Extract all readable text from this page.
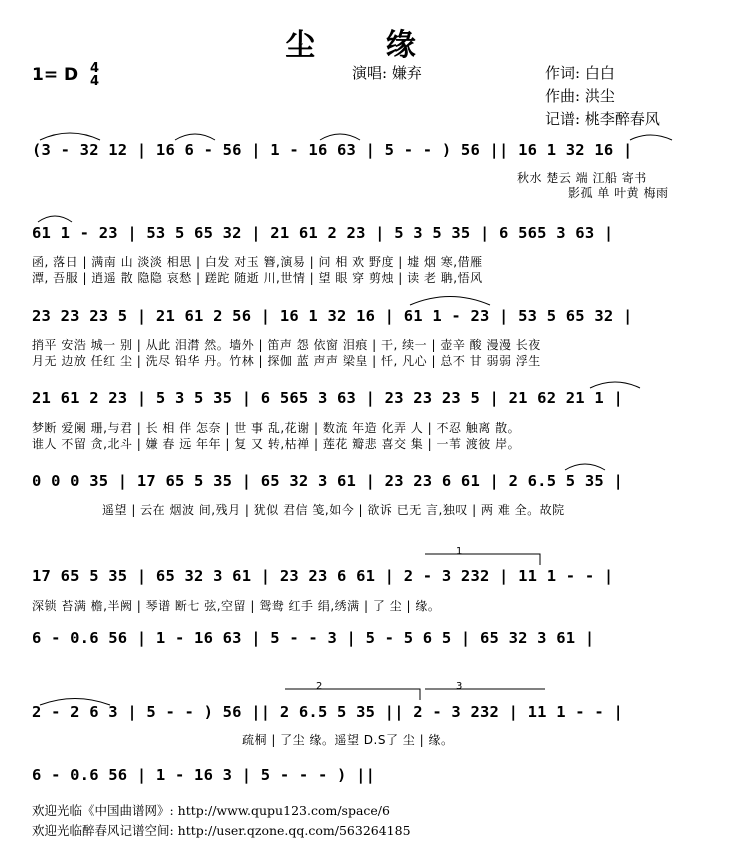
尘 缘
1= D 4
4	演唱: 嫌弃	作词: 白白
作曲: 洪尘
记谱: 桃李醉春风
(3 - 32 12 | 16 6 - 56 | 1 - 16 63 | 5 - - ) 56 || 16 1 32 16 |
秋水 楚云 端 江船 寄书
影孤 单 叶黄 梅雨
61 1 - 23 | 53 5 65 32 | 21 61 2 23 | 5 3 5 35 | 6 565 3 63 |
函, 落日 | 满南 山 淡淡 相思 | 白发 对玉 簪,演易 | 问 相 欢 野度 | 墟 烟 寒,借雁
潭, 吾服 | 逍遥 散 隐隐 哀愁 | 蹉跎 随逝 川,世情 | 望 眼 穿 剪烛 | 读 老 聃,悟风
23 23 23 5 | 21 61 2 56 | 16 1 32 16 | 61 1 - 23 | 53 5 65 32 |
捎平 安浩 城一 别 | 从此 泪潸 然。墙外 | 笛声 怨 依窗 泪痕 | 干, 续一 | 壶辛 酸 漫漫 长夜
月无 边放 任红 尘 | 洗尽 铅华 丹。竹林 | 探伽 蓝 声声 梁皇 | 忏, 凡心 | 总不 甘 弱弱 浮生
21 61 2 23 | 5 3 5 35 | 6 565 3 63 | 23 23 23 5 | 21 62 21 1 |
梦断 爱阑 珊,与君 | 长 相 伴 怎奈 | 世 事 乱,花谢 | 数流 年造 化弄 人 | 不忍 触离 散。
谁人 不留 贪,北斗 | 嫌 春 远 年年 | 复 又 转,枯禅 | 莲花 瓣悲 喜交 集 | 一苇 渡彼 岸。
0 0 0 35 | 17 65 5 35 | 65 32 3 61 | 23 23 6 61 | 2 6.5 5 35 |
遥望 | 云在 烟波 间,残月 | 犹似 君信 笺,如今 | 欲诉 已无 言,独叹 | 两 难 全。故院
17 65 5 35 | 65 32 3 61 | 23 23 6 61 | 2 - 3 232 | 11 1 - - |
深锁 苔满 檐,半阙 | 琴谱 断七 弦,空留 | 鸳鸯 红手 绢,绣满 | 了 尘 | 缘。
6 - 0.6 56 | 1 - 16 63 | 5 - - 3 | 5 - 5 6 5 | 65 32 3 61 |
2 - 2 6 3 | 5 - - ) 56 || 2 6.5 5 35 || 2 - 3 232 | 11 1 - - |
疏桐 | 了尘 缘。遥望 D.S了 尘 | 缘。
6 - 0.6 56 | 1 - 16 3 | 5 - - - ) ||
1
2	3
欢迎光临《中国曲谱网》: http://www.qupu123.com/space/6
欢迎光临醉春风记谱空间: http://user.qzone.qq.com/563264185
